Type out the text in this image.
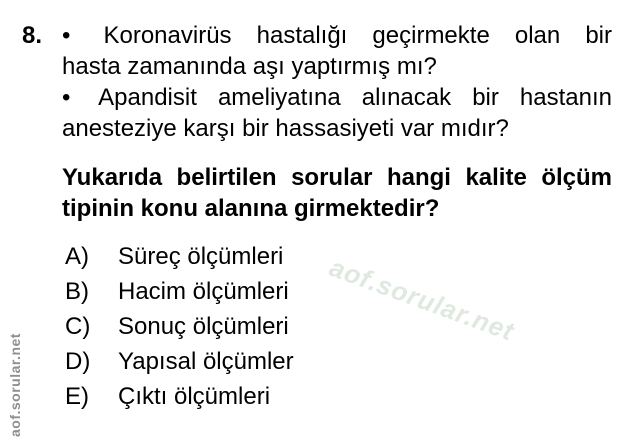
8. • Koronavirüs hastalığı geçirmekte olan bir
hasta zamanında aşı yaptırmış mı?
• Apandisit ameliyatına alınacak bir hastanın
anesteziye karşı bir hassasiyeti var mıdır?
Yukarıda belirtilen sorular hangi kalite ölçüm
tipinin konu alanına girmektedir?
A)	Süreç ölçümleri
B)	Hacim ölçümleri
C)	Sonuç ölçümleri
D)	Yapısal ölçümler
E)	Çıktı ölçümleri
aof.sorular.net
aof.sorular.net
